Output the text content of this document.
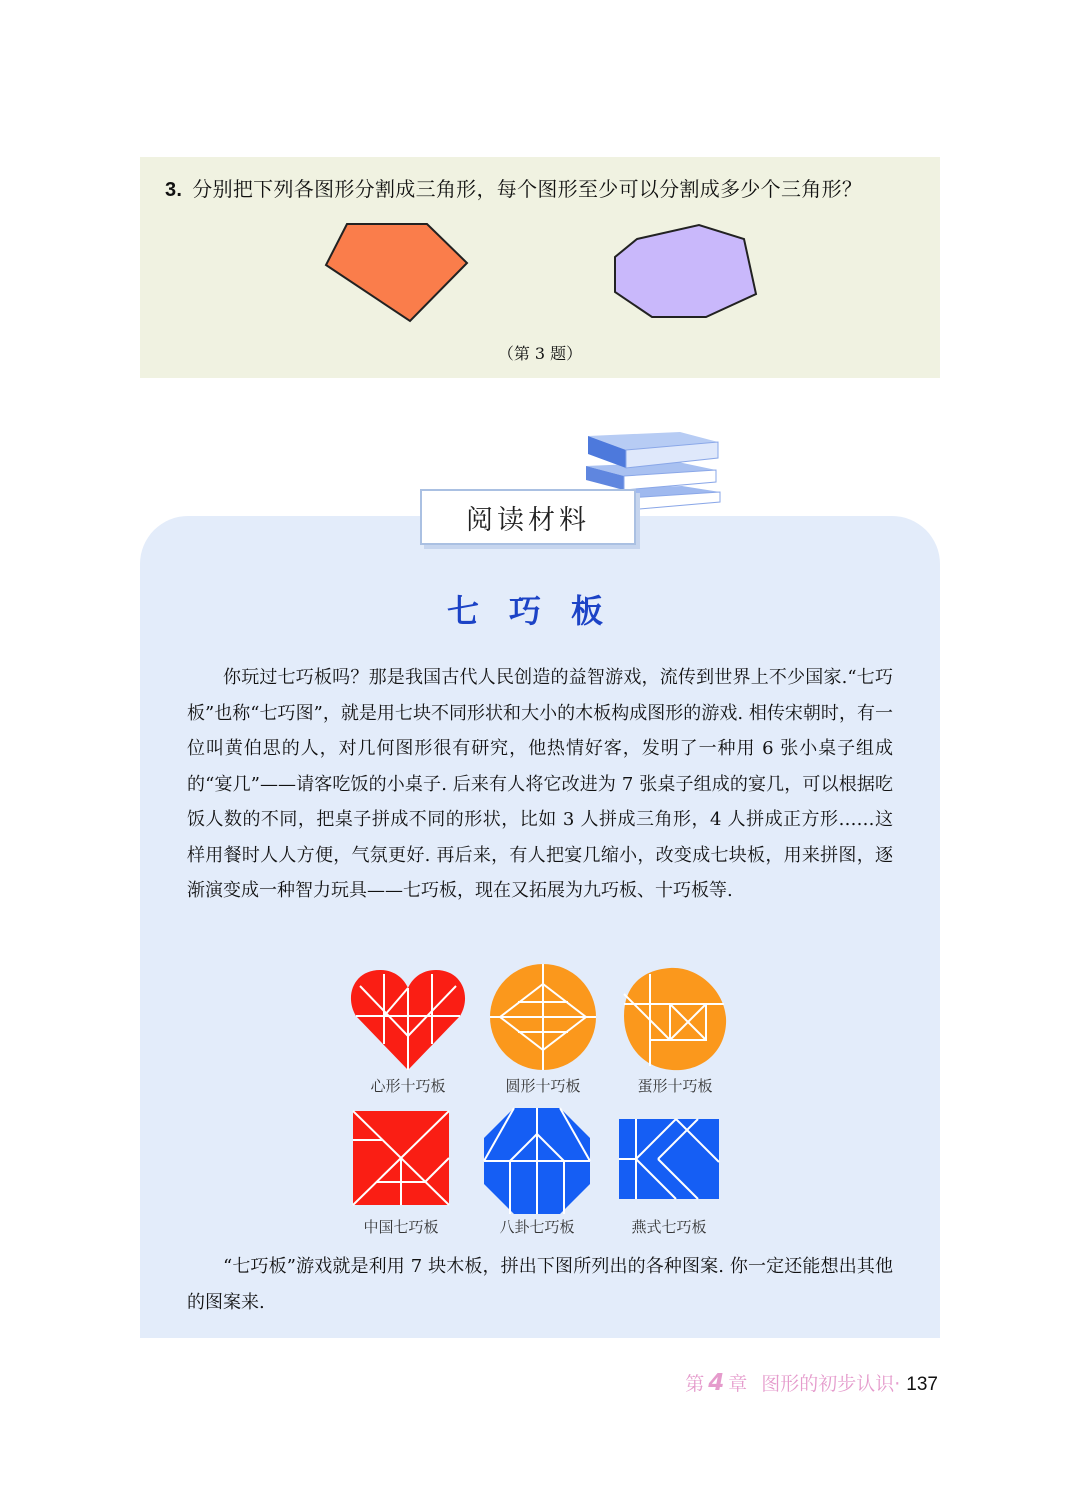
3. 分别把下列各图形分割成三角形，每个图形至少可以分割成多少个三角形？
（第 3 题）
阅读材料
七巧板
你玩过七巧板吗？那是我国古代人民创造的益智游戏，流传到世界上不少国家.“七巧板”也称“七巧图”，就是用七块不同形状和大小的木板构成图形的游戏. 相传宋朝时，有一位叫黄伯思的人，对几何图形很有研究，他热情好客，发明了一种用 6 张小桌子组成的“宴几”——请客吃饭的小桌子. 后来有人将它改进为 7 张桌子组成的宴几，可以根据吃饭人数的不同，把桌子拼成不同的形状，比如 3 人拼成三角形，4 人拼成正方形……这样用餐时人人方便，气氛更好. 再后来，有人把宴几缩小，改变成七块板，用来拼图，逐渐演变成一种智力玩具——七巧板，现在又拓展为九巧板、十巧板等.
心形十巧板	圆形十巧板	蛋形十巧板
中国七巧板	八卦七巧板	燕式七巧板
“七巧板”游戏就是利用 7 块木板，拼出下图所列出的各种图案. 你一定还能想出其他的图案来.
第 4 章 图形的初步认识· 137
